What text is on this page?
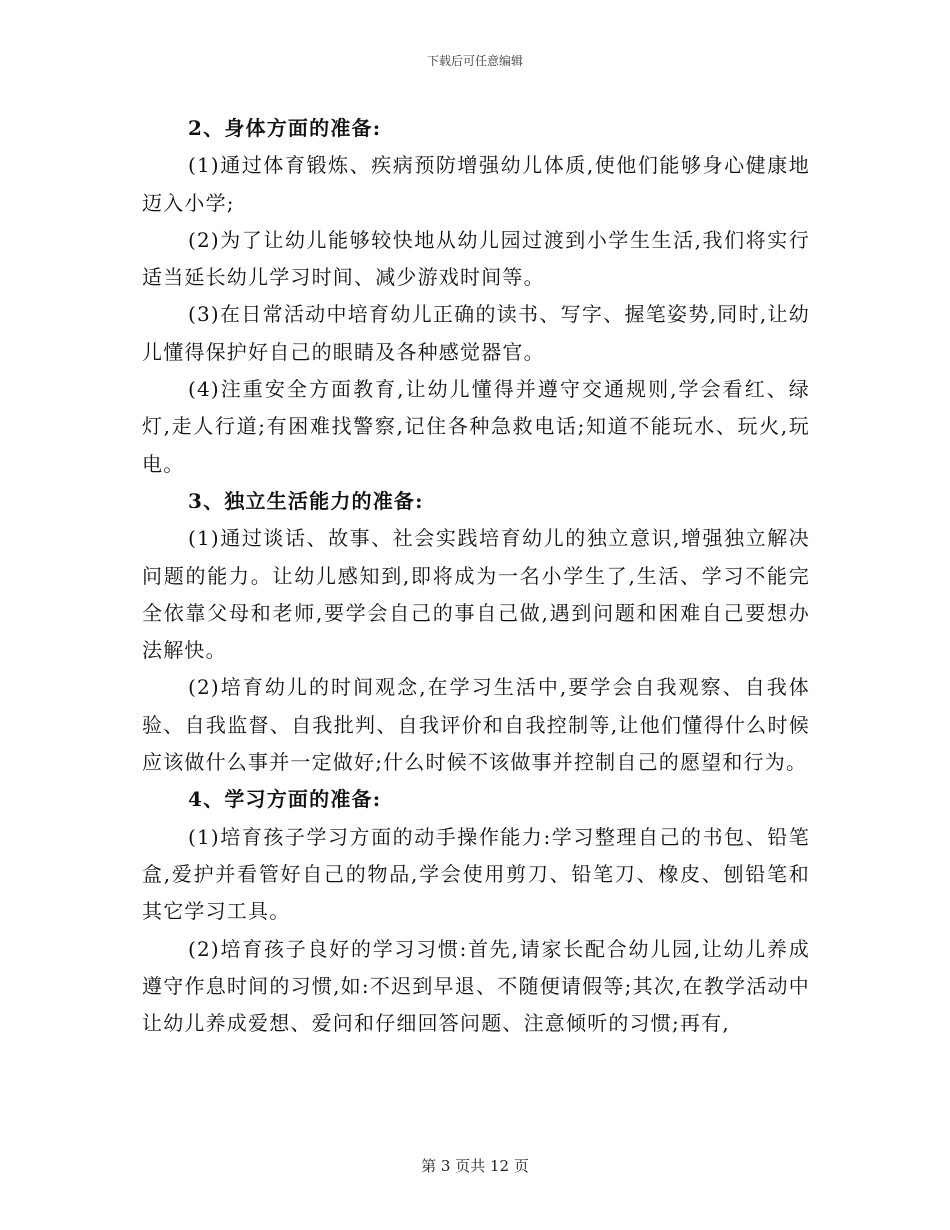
下载后可任意编辑

2、身体方面的准备:

(1)通过体育锻炼、疾病预防增强幼儿体质,使他们能够身心健康地迈入小学;

(2)为了让幼儿能够较快地从幼儿园过渡到小学生生活,我们将实行适当延长幼儿学习时间、减少游戏时间等。

(3)在日常活动中培育幼儿正确的读书、写字、握笔姿势,同时,让幼儿懂得保护好自己的眼睛及各种感觉器官。

(4)注重安全方面教育,让幼儿懂得并遵守交通规则,学会看红、绿灯,走人行道;有困难找警察,记住各种急救电话;知道不能玩水、玩火,玩电。

3、独立生活能力的准备:

(1)通过谈话、故事、社会实践培育幼儿的独立意识,增强独立解决问题的能力。让幼儿感知到,即将成为一名小学生了,生活、学习不能完全依靠父母和老师,要学会自己的事自己做,遇到问题和困难自己要想办法解快。

(2)培育幼儿的时间观念,在学习生活中,要学会自我观察、自我体验、自我监督、自我批判、自我评价和自我控制等,让他们懂得什么时候应该做什么事并一定做好;什么时候不该做事并控制自己的愿望和行为。

4、学习方面的准备:

(1)培育孩子学习方面的动手操作能力:学习整理自己的书包、铅笔盒,爱护并看管好自己的物品,学会使用剪刀、铅笔刀、橡皮、刨铅笔和其它学习工具。

(2)培育孩子良好的学习习惯:首先,请家长配合幼儿园,让幼儿养成遵守作息时间的习惯,如:不迟到早退、不随便请假等;其次,在教学活动中让幼儿养成爱想、爱问和仔细回答问题、注意倾听的习惯;再有,

第 3 页共 12 页
